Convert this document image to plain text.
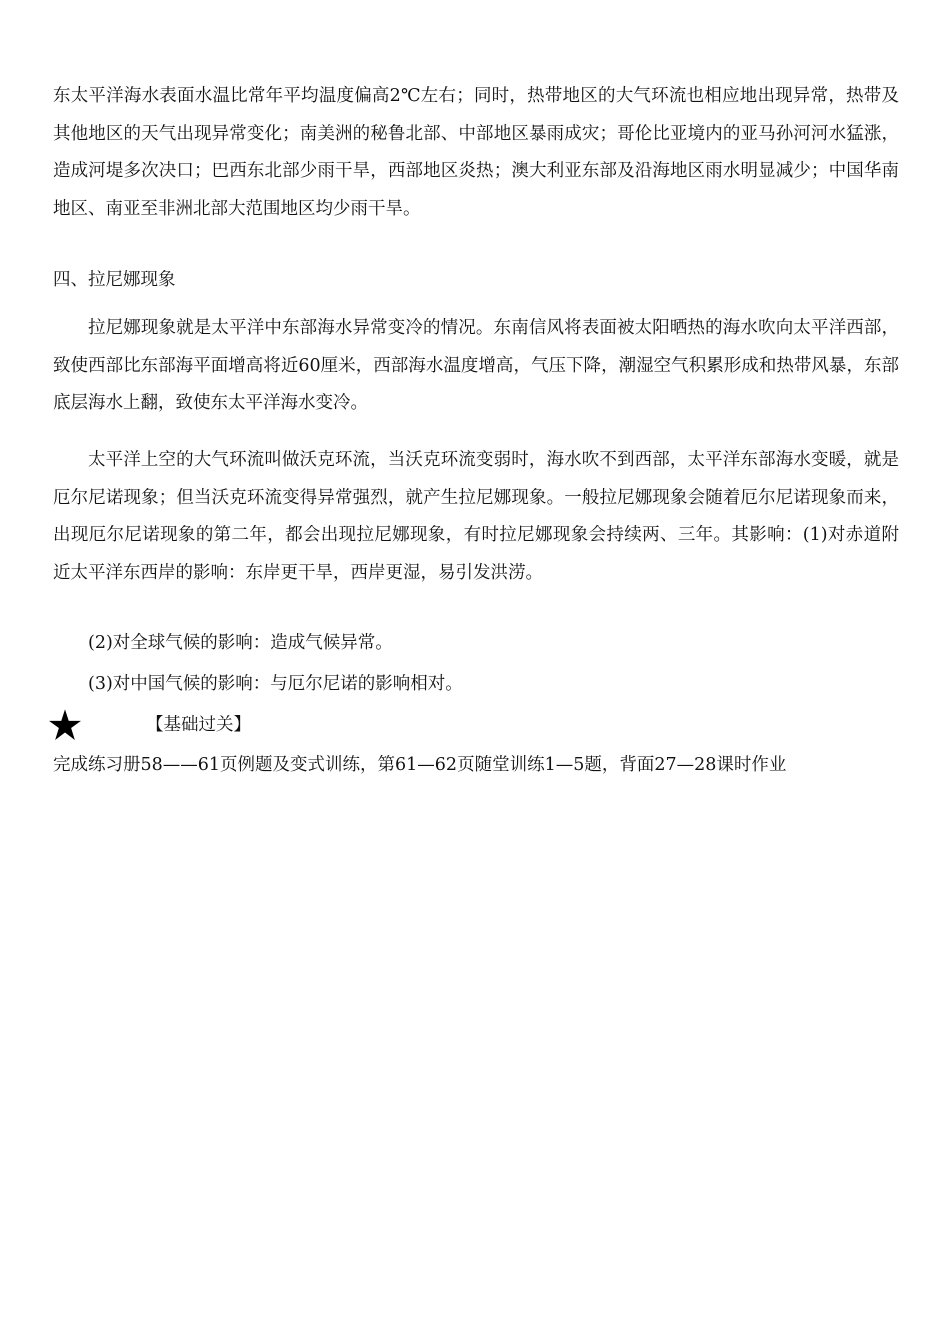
东太平洋海水表面水温比常年平均温度偏高2℃左右；同时，热带地区的大气环流也相应地出现异常，热带及其他地区的天气出现异常变化；南美洲的秘鲁北部、中部地区暴雨成灾；哥伦比亚境内的亚马孙河河水猛涨，造成河堤多次决口；巴西东北部少雨干旱，西部地区炎热；澳大利亚东部及沿海地区雨水明显减少；中国华南地区、南亚至非洲北部大范围地区均少雨干旱。

四、拉尼娜现象

拉尼娜现象就是太平洋中东部海水异常变冷的情况。东南信风将表面被太阳晒热的海水吹向太平洋西部，致使西部比东部海平面增高将近60厘米，西部海水温度增高，气压下降，潮湿空气积累形成和热带风暴，东部底层海水上翻，致使东太平洋海水变冷。

太平洋上空的大气环流叫做沃克环流，当沃克环流变弱时，海水吹不到西部，太平洋东部海水变暖，就是厄尔尼诺现象；但当沃克环流变得异常强烈，就产生拉尼娜现象。一般拉尼娜现象会随着厄尔尼诺现象而来，出现厄尔尼诺现象的第二年，都会出现拉尼娜现象，有时拉尼娜现象会持续两、三年。其影响：(1)对赤道附近太平洋东西岸的影响：东岸更干旱，西岸更湿，易引发洪涝。

(2)对全球气候的影响：造成气候异常。

(3)对中国气候的影响：与厄尔尼诺的影响相对。

【基础过关】

完成练习册58——61页例题及变式训练，第61—62页随堂训练1—5题，背面27—28课时作业
